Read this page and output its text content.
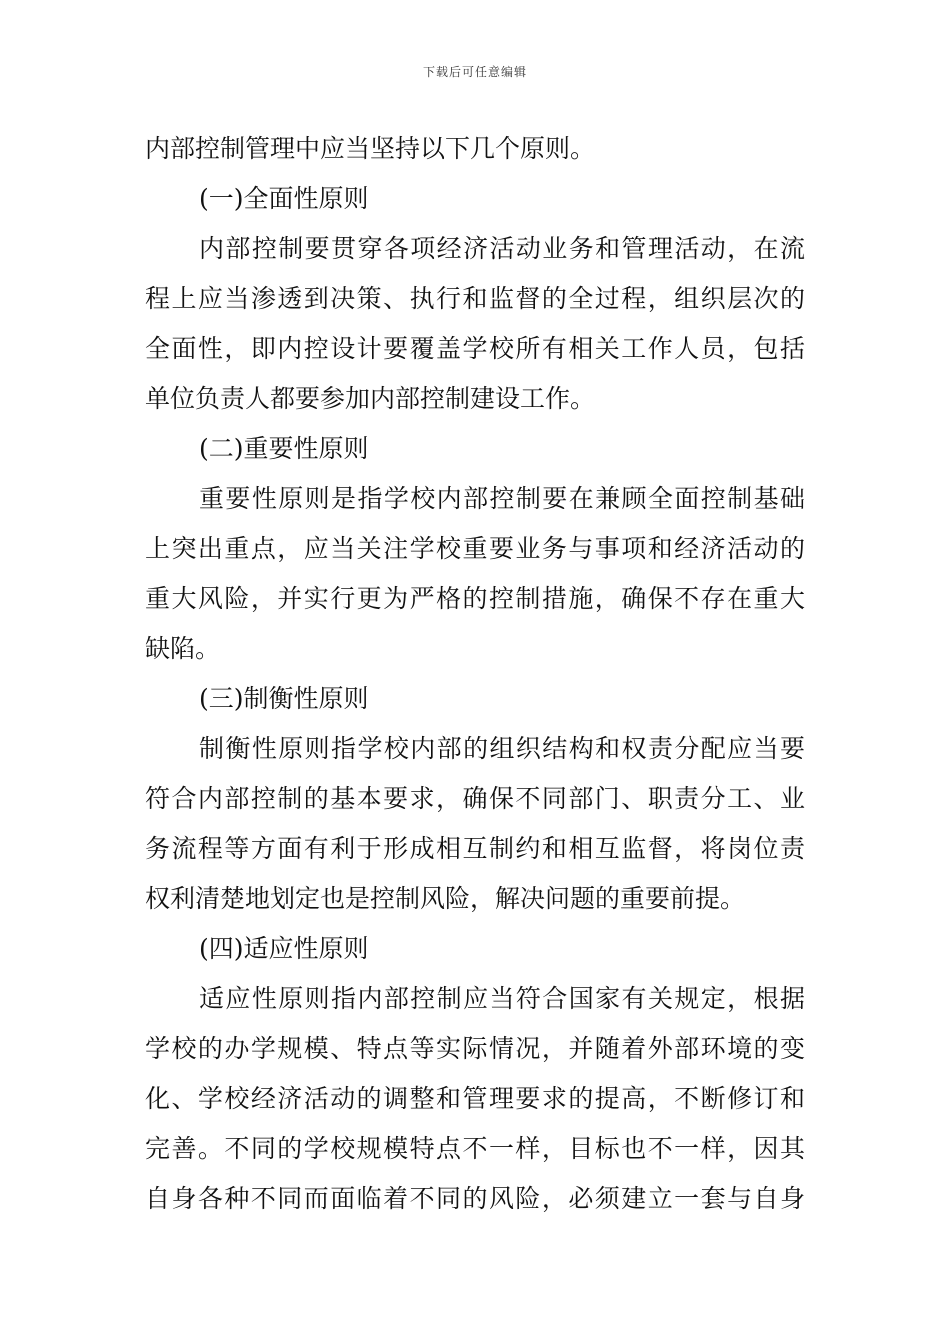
下载后可任意编辑
内部控制管理中应当坚持以下几个原则。
(一)全面性原则
内部控制要贯穿各项经济活动业务和管理活动，在流
程上应当渗透到决策、执行和监督的全过程，组织层次的
全面性，即内控设计要覆盖学校所有相关工作人员，包括
单位负责人都要参加内部控制建设工作。
(二)重要性原则
重要性原则是指学校内部控制要在兼顾全面控制基础
上突出重点，应当关注学校重要业务与事项和经济活动的
重大风险，并实行更为严格的控制措施，确保不存在重大
缺陷。
(三)制衡性原则
制衡性原则指学校内部的组织结构和权责分配应当要
符合内部控制的基本要求，确保不同部门、职责分工、业
务流程等方面有利于形成相互制约和相互监督，将岗位责
权利清楚地划定也是控制风险，解决问题的重要前提。
(四)适应性原则
适应性原则指内部控制应当符合国家有关规定，根据
学校的办学规模、特点等实际情况，并随着外部环境的变
化、学校经济活动的调整和管理要求的提高，不断修订和
完善。不同的学校规模特点不一样，目标也不一样，因其
自身各种不同而面临着不同的风险，必须建立一套与自身
